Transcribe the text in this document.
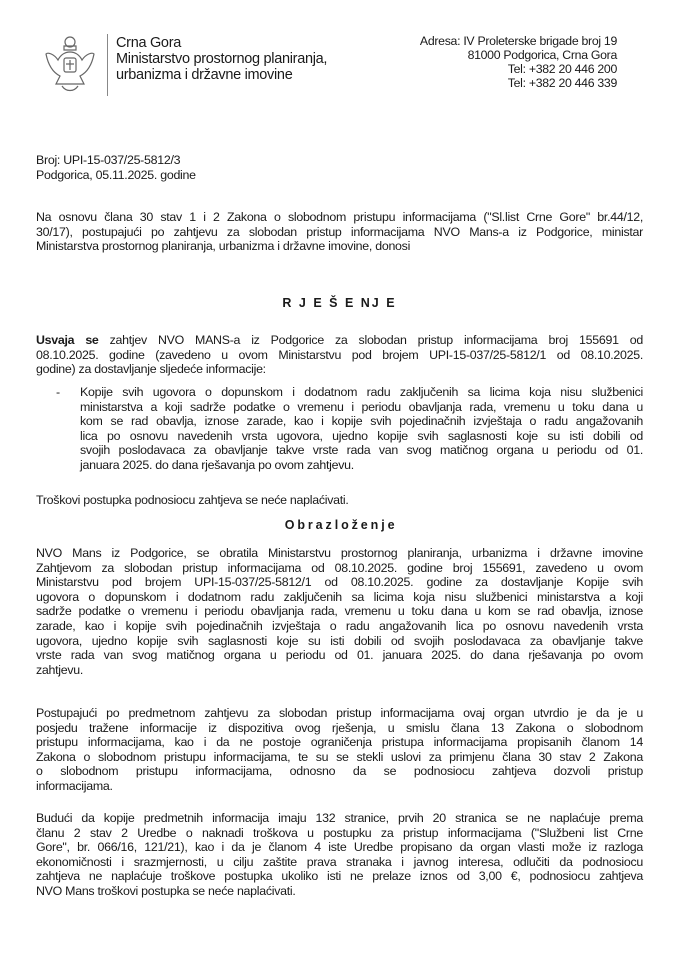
Crna Gora
Ministarstvo prostornog planiranja,
urbanizma i državne imovine
Adresa: IV Proleterske brigade broj 19
81000 Podgorica, Crna Gora
Tel: +382 20 446 200
Tel: +382 20 446 339
Broj: UPI-15-037/25-5812/3
Podgorica, 05.11.2025. godine
Na osnovu člana 30 stav 1 i 2 Zakona o slobodnom pristupu informacijama ("Sl.list Crne Gore" br.44/12,
30/17), postupajući po zahtjevu za slobodan pristup informacijama NVO Mans-a iz Podgorice, ministar
Ministarstva prostornog planiranja, urbanizma i državne imovine, donosi
R J E Š E NJ E
Usvaja se zahtjev NVO MANS-a iz Podgorice za slobodan pristup informacijama broj 155691 od
08.10.2025. godine (zavedeno u ovom Ministarstvu pod brojem UPI-15-037/25-5812/1 od 08.10.2025.
godine) za dostavljanje sljedeće informacije:
- Kopije svih ugovora o dopunskom i dodatnom radu zaključenih sa licima koja nisu službenici
ministarstva a koji sadrže podatke o vremenu i periodu obavljanja rada, vremenu u toku dana u
kom se rad obavlja, iznose zarade, kao i kopije svih pojedinačnih izvještaja o radu angažovanih
lica po osnovu navedenih vrsta ugovora, ujedno kopije svih saglasnosti koje su isti dobili od
svojih poslodavaca za obavljanje takve vrste rada van svog matičnog organa u periodu od 01.
januara 2025. do dana rješavanja po ovom zahtjevu.
Troškovi postupka podnosiocu zahtjeva se neće naplaćivati.
O b r a z l o ž e n j e
NVO Mans iz Podgorice, se obratila Ministarstvu prostornog planiranja, urbanizma i državne imovine
Zahtjevom za slobodan pristup informacijama od 08.10.2025. godine broj 155691, zavedeno u ovom
Ministarstvu pod brojem UPI-15-037/25-5812/1 od 08.10.2025. godine za dostavljanje Kopije svih
ugovora o dopunskom i dodatnom radu zaključenih sa licima koja nisu službenici ministarstva a koji
sadrže podatke o vremenu i periodu obavljanja rada, vremenu u toku dana u kom se rad obavlja, iznose
zarade, kao i kopije svih pojedinačnih izvještaja o radu angažovanih lica po osnovu navedenih vrsta
ugovora, ujedno kopije svih saglasnosti koje su isti dobili od svojih poslodavaca za obavljanje takve
vrste rada van svog matičnog organa u periodu od 01. januara 2025. do dana rješavanja po ovom
zahtjevu.
Postupajući po predmetnom zahtjevu za slobodan pristup informacijama ovaj organ utvrdio je da je u
posjedu tražene informacije iz dispozitiva ovog rješenja, u smislu člana 13 Zakona o slobodnom
pristupu informacijama, kao i da ne postoje ograničenja pristupa informacijama propisanih članom 14
Zakona o slobodnom pristupu informacijama, te su se stekli uslovi za primjenu člana 30 stav 2 Zakona
o slobodnom pristupu informacijama, odnosno da se podnosiocu zahtjeva dozvoli pristup
informacijama.
Budući da kopije predmetnih informacija imaju 132 stranice, prvih 20 stranica se ne naplaćuje prema
članu 2 stav 2 Uredbe o naknadi troškova u postupku za pristup informacijama ("Službeni list Crne
Gore", br. 066/16, 121/21), kao i da je članom 4 iste Uredbe propisano da organ vlasti može iz razloga
ekonomičnosti i srazmjernosti, u cilju zaštite prava stranaka i javnog interesa, odlučiti da podnosiocu
zahtjeva ne naplaćuje troškove postupka ukoliko isti ne prelaze iznos od 3,00 €, podnosiocu zahtjeva
NVO Mans troškovi postupka se neće naplaćivati.
